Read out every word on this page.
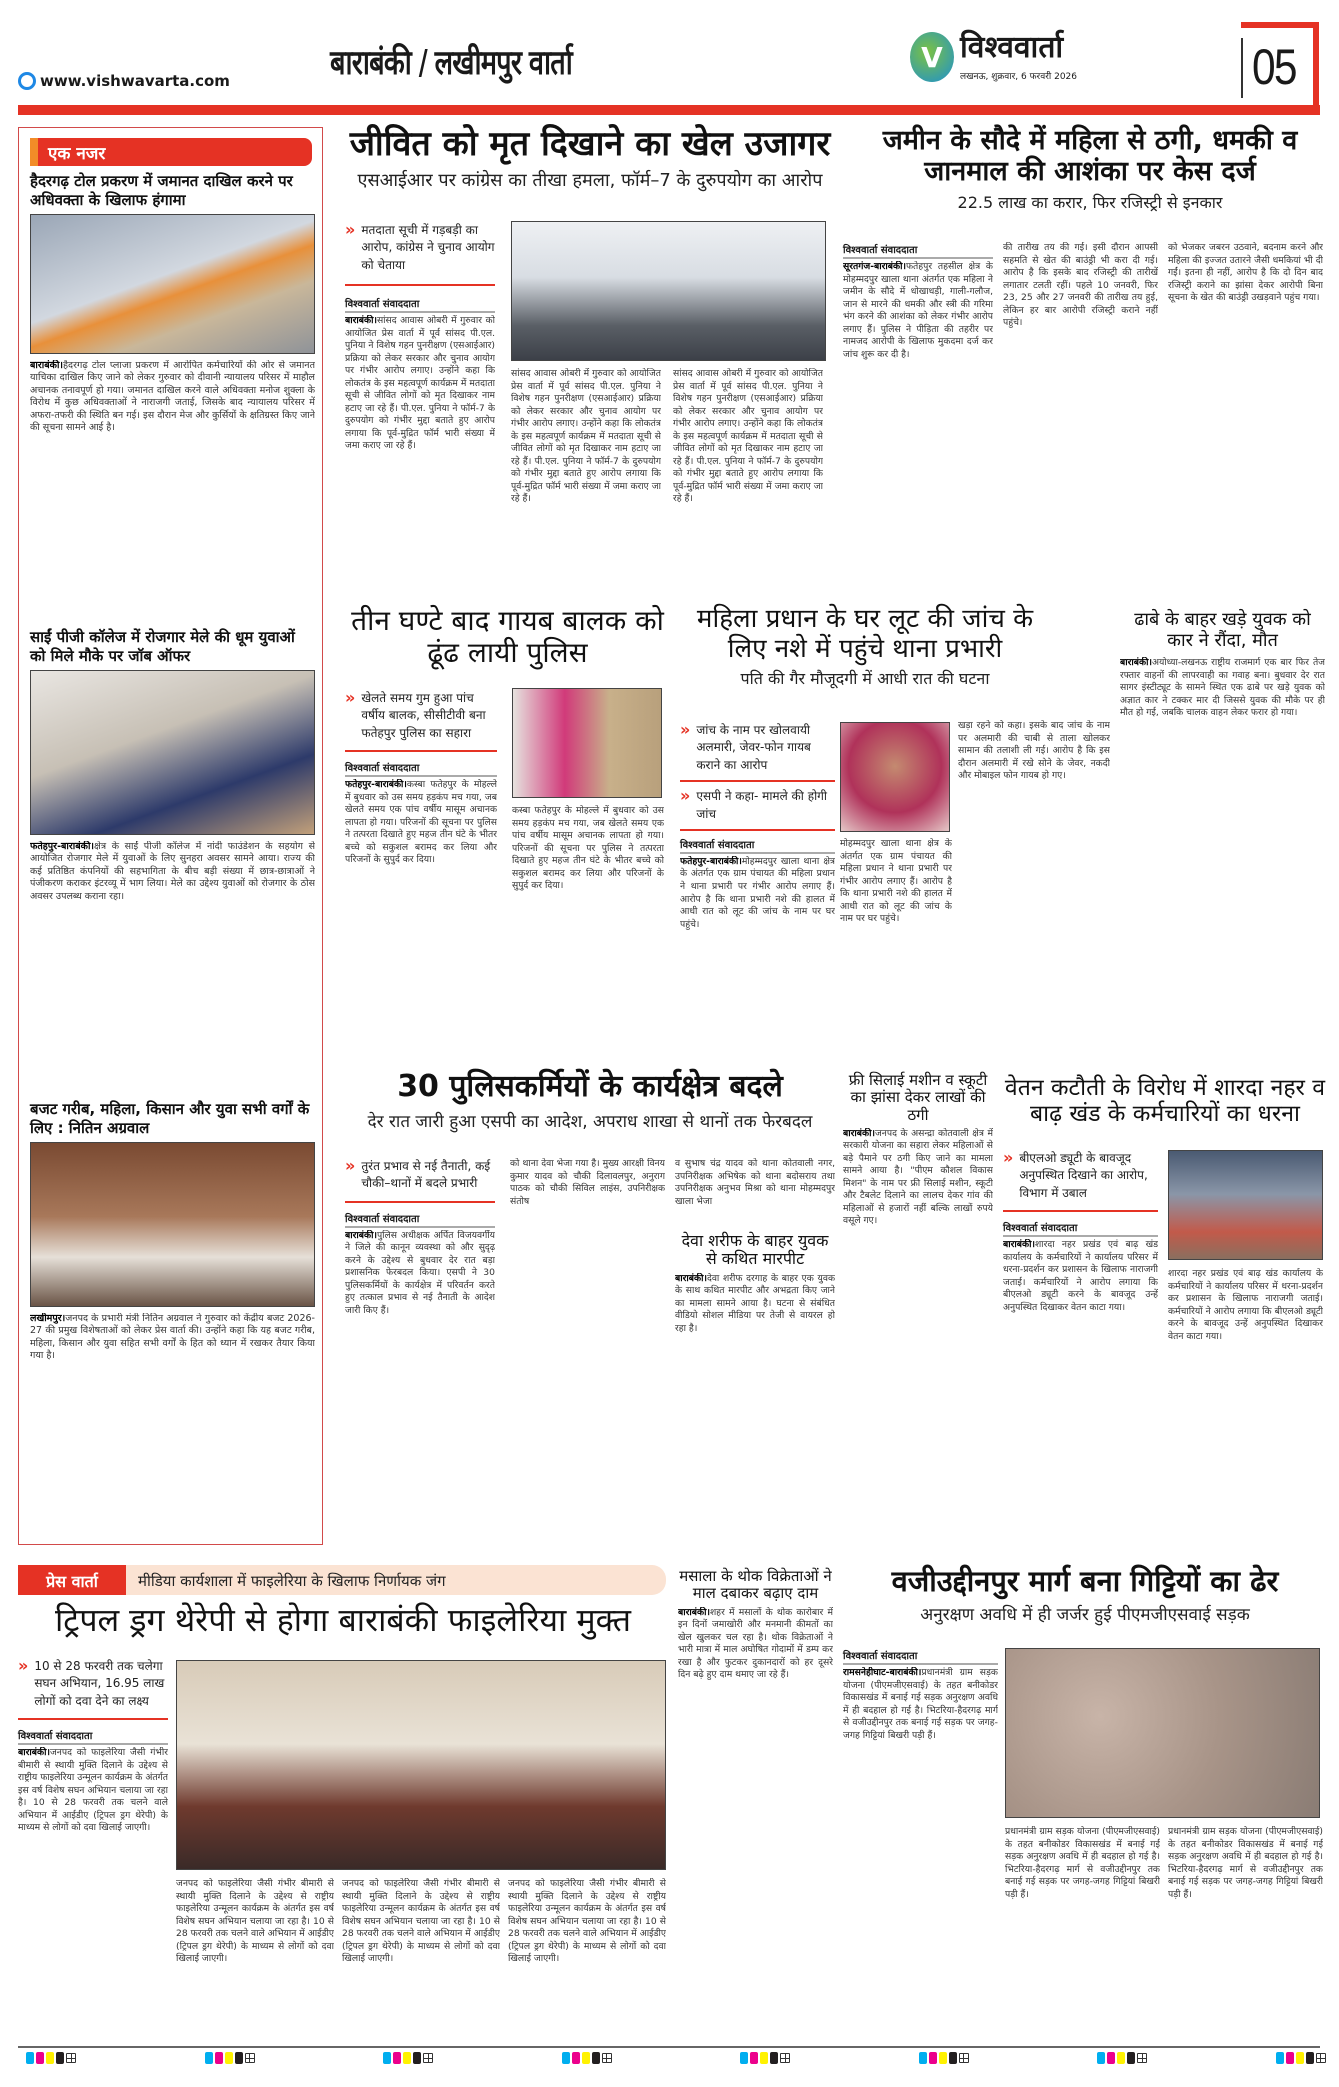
www.vishwavarta.com	बाराबंकी / लखीमपुर वार्ता	V विश्ववार्ता
लखनऊ, शुक्रवार, 6 फरवरी 2026	05
एक नजर
हैदरगढ़ टोल प्रकरण में जमानत दाखिल करने पर अधिवक्ता के खिलाफ हंगामा
बाराबंकी।हैदरगढ़ टोल प्लाजा प्रकरण में आरोपित कर्मचारियों की ओर से जमानत याचिका दाखिल किए जाने को लेकर गुरुवार को दीवानी न्यायालय परिसर में माहौल अचानक तनावपूर्ण हो गया। जमानत दाखिल करने वाले अधिवक्ता मनोज शुक्ला के विरोध में कुछ अधिवक्ताओं ने नाराजगी जताई, जिसके बाद न्यायालय परिसर में अफरा-तफरी की स्थिति बन गई। इस दौरान मेज और कुर्सियों के क्षतिग्रस्त किए जाने की सूचना सामने आई है।
साईं पीजी कॉलेज में रोजगार मेले की धूम युवाओं को मिले मौके पर जॉब ऑफर
फतेहपुर-बाराबंकी।क्षेत्र के साईं पीजी कॉलेज में नांदी फाउंडेशन के सहयोग से आयोजित रोजगार मेले में युवाओं के लिए सुनहरा अवसर सामने आया। राज्य की कई प्रतिष्ठित कंपनियों की सहभागिता के बीच बड़ी संख्या में छात्र-छात्राओं ने पंजीकरण कराकर इंटरव्यू में भाग लिया। मेले का उद्देश्य युवाओं को रोजगार के ठोस अवसर उपलब्ध कराना रहा।
बजट गरीब, महिला, किसान और युवा सभी वर्गों के लिए : नितिन अग्रवाल
लखीमपुर।जनपद के प्रभारी मंत्री नितिन अग्रवाल ने गुरुवार को केंद्रीय बजट 2026-27 की प्रमुख विशेषताओं को लेकर प्रेस वार्ता की। उन्होंने कहा कि यह बजट गरीब, महिला, किसान और युवा सहित सभी वर्गों के हित को ध्यान में रखकर तैयार किया गया है।
जीवित को मृत दिखाने का खेल उजागर
एसआईआर पर कांग्रेस का तीखा हमला, फॉर्म–7 के दुरुपयोग का आरोप
» मतदाता सूची में गड़बड़ी का आरोप, कांग्रेस ने चुनाव आयोग को चेताया
विश्ववार्ता संवाददाता
बाराबंकी।सांसद आवास ओबरी में गुरुवार को आयोजित प्रेस वार्ता में पूर्व सांसद पी.एल. पुनिया ने विशेष गहन पुनरीक्षण (एसआईआर) प्रक्रिया को लेकर सरकार और चुनाव आयोग पर गंभीर आरोप लगाए। उन्होंने कहा कि लोकतंत्र के इस महत्वपूर्ण कार्यक्रम में मतदाता सूची से जीवित लोगों को मृत दिखाकर नाम हटाए जा रहे हैं। पी.एल. पुनिया ने फॉर्म-7 के दुरुपयोग को गंभीर मुद्दा बताते हुए आरोप लगाया कि पूर्व-मुद्रित फॉर्म भारी संख्या में जमा कराए जा रहे हैं।
सांसद आवास ओबरी में गुरुवार को आयोजित प्रेस वार्ता में पूर्व सांसद पी.एल. पुनिया ने विशेष गहन पुनरीक्षण (एसआईआर) प्रक्रिया को लेकर सरकार और चुनाव आयोग पर गंभीर आरोप लगाए। उन्होंने कहा कि लोकतंत्र के इस महत्वपूर्ण कार्यक्रम में मतदाता सूची से जीवित लोगों को मृत दिखाकर नाम हटाए जा रहे हैं। पी.एल. पुनिया ने फॉर्म-7 के दुरुपयोग को गंभीर मुद्दा बताते हुए आरोप लगाया कि पूर्व-मुद्रित फॉर्म भारी संख्या में जमा कराए जा रहे हैं।
सांसद आवास ओबरी में गुरुवार को आयोजित प्रेस वार्ता में पूर्व सांसद पी.एल. पुनिया ने विशेष गहन पुनरीक्षण (एसआईआर) प्रक्रिया को लेकर सरकार और चुनाव आयोग पर गंभीर आरोप लगाए। उन्होंने कहा कि लोकतंत्र के इस महत्वपूर्ण कार्यक्रम में मतदाता सूची से जीवित लोगों को मृत दिखाकर नाम हटाए जा रहे हैं। पी.एल. पुनिया ने फॉर्म-7 के दुरुपयोग को गंभीर मुद्दा बताते हुए आरोप लगाया कि पूर्व-मुद्रित फॉर्म भारी संख्या में जमा कराए जा रहे हैं।
जमीन के सौदे में महिला से ठगी, धमकी व जानमाल की आशंका पर केस दर्ज
22.5 लाख का करार, फिर रजिस्ट्री से इनकार
विश्ववार्ता संवाददाता
सूरतगंज-बाराबंकी।फतेहपुर तहसील क्षेत्र के मोहम्मदपुर खाला थाना अंतर्गत एक महिला ने जमीन के सौदे में धोखाधड़ी, गाली-गलौज, जान से मारने की धमकी और स्त्री की गरिमा भंग करने की आशंका को लेकर गंभीर आरोप लगाए हैं। पुलिस ने पीड़िता की तहरीर पर नामजद आरोपी के खिलाफ मुकदमा दर्ज कर जांच शुरू कर दी है।
की तारीख तय की गई। इसी दौरान आपसी सहमति से खेत की बाउंड्री भी करा दी गई। आरोप है कि इसके बाद रजिस्ट्री की तारीखें लगातार टलती रहीं। पहले 10 जनवरी, फिर 23, 25 और 27 जनवरी की तारीख तय हुई, लेकिन हर बार आरोपी रजिस्ट्री कराने नहीं पहुंचे।
को भेजकर जबरन उठवाने, बदनाम करने और महिला की इज्जत उतारने जैसी धमकियां भी दी गईं। इतना ही नहीं, आरोप है कि दो दिन बाद रजिस्ट्री कराने का झांसा देकर आरोपी बिना सूचना के खेत की बाउंड्री उखड़वाने पहुंच गया।
तीन घण्टे बाद गायब बालक को ढूंढ लायी पुलिस
» खेलते समय गुम हुआ पांच वर्षीय बालक, सीसीटीवी बना फतेहपुर पुलिस का सहारा
विश्ववार्ता संवाददाता
फतेहपुर-बाराबंकी।कस्बा फतेहपुर के मोहल्ले में बुधवार को उस समय हड़कंप मच गया, जब खेलते समय एक पांच वर्षीय मासूम अचानक लापता हो गया। परिजनों की सूचना पर पुलिस ने तत्परता दिखाते हुए महज तीन घंटे के भीतर बच्चे को सकुशल बरामद कर लिया और परिजनों के सुपुर्द कर दिया।
कस्बा फतेहपुर के मोहल्ले में बुधवार को उस समय हड़कंप मच गया, जब खेलते समय एक पांच वर्षीय मासूम अचानक लापता हो गया। परिजनों की सूचना पर पुलिस ने तत्परता दिखाते हुए महज तीन घंटे के भीतर बच्चे को सकुशल बरामद कर लिया और परिजनों के सुपुर्द कर दिया।
महिला प्रधान के घर लूट की जांच के लिए नशे में पहुंचे थाना प्रभारी
पति की गैर मौजूदगी में आधी रात की घटना
» जांच के नाम पर खोलवायी अलमारी, जेवर-फोन गायब कराने का आरोप
» एसपी ने कहा- मामले की होगी जांच
विश्ववार्ता संवाददाता
फतेहपुर-बाराबंकी।मोहम्मदपुर खाला थाना क्षेत्र के अंतर्गत एक ग्राम पंचायत की महिला प्रधान ने थाना प्रभारी पर गंभीर आरोप लगाए हैं। आरोप है कि थाना प्रभारी नशे की हालत में आधी रात को लूट की जांच के नाम पर घर पहुंचे।
मोहम्मदपुर खाला थाना क्षेत्र के अंतर्गत एक ग्राम पंचायत की महिला प्रधान ने थाना प्रभारी पर गंभीर आरोप लगाए हैं। आरोप है कि थाना प्रभारी नशे की हालत में आधी रात को लूट की जांच के नाम पर घर पहुंचे।
खड़ा रहने को कहा। इसके बाद जांच के नाम पर अलमारी की चाबी से ताला खोलकर सामान की तलाशी ली गई। आरोप है कि इस दौरान अलमारी में रखे सोने के जेवर, नकदी और मोबाइल फोन गायब हो गए।
ढाबे के बाहर खड़े युवक को कार ने रौंदा, मौत
बाराबंकी।अयोध्या-लखनऊ राष्ट्रीय राजमार्ग एक बार फिर तेज रफ्तार वाहनों की लापरवाही का गवाह बना। बुधवार देर रात सागर इंस्टीट्यूट के सामने स्थित एक ढाबे पर खड़े युवक को अज्ञात कार ने टक्कर मार दी जिससे युवक की मौके पर ही मौत हो गई, जबकि चालक वाहन लेकर फरार हो गया।
30 पुलिसकर्मियों के कार्यक्षेत्र बदले
देर रात जारी हुआ एसपी का आदेश, अपराध शाखा से थानों तक फेरबदल
» तुरंत प्रभाव से नई तैनाती, कई चौकी–थानों में बदले प्रभारी
विश्ववार्ता संवाददाता
बाराबंकी।पुलिस अधीक्षक अर्पित विजयवर्गीय ने जिले की कानून व्यवस्था को और सुदृढ़ करने के उद्देश्य से बुधवार देर रात बड़ा प्रशासनिक फेरबदल किया। एसपी ने 30 पुलिसकर्मियों के कार्यक्षेत्र में परिवर्तन करते हुए तत्काल प्रभाव से नई तैनाती के आदेश जारी किए हैं।
को थाना देवा भेजा गया है। मुख्य आरक्षी विनय कुमार यादव को चौकी दिलावलपुर, अनुराग पाठक को चौकी सिविल लाइंस, उपनिरीक्षक संतोष
व सुभाष चंद्र यादव को थाना कोतवाली नगर, उपनिरीक्षक अभिषेक को थाना बदोसराय तथा उपनिरीक्षक अनुभव मिश्रा को थाना मोहम्मदपुर खाला भेजा
देवा शरीफ के बाहर युवक से कथित मारपीट
बाराबंकी।देवा शरीफ दरगाह के बाहर एक युवक के साथ कथित मारपीट और अभद्रता किए जाने का मामला सामने आया है। घटना से संबंधित वीडियो सोशल मीडिया पर तेजी से वायरल हो रहा है।
फ्री सिलाई मशीन व स्कूटी का झांसा देकर लाखों की ठगी
बाराबंकी।जनपद के असन्द्रा कोतवाली क्षेत्र में सरकारी योजना का सहारा लेकर महिलाओं से बड़े पैमाने पर ठगी किए जाने का मामला सामने आया है। "पीएम कौशल विकास मिशन" के नाम पर फ्री सिलाई मशीन, स्कूटी और टैबलेट दिलाने का लालच देकर गांव की महिलाओं से हजारों नहीं बल्कि लाखों रुपये वसूले गए।
वेतन कटौती के विरोध में शारदा नहर व बाढ़ खंड के कर्मचारियों का धरना
» बीएलओ ड्यूटी के बावजूद अनुपस्थित दिखाने का आरोप, विभाग में उबाल
विश्ववार्ता संवाददाता
बाराबंकी।शारदा नहर प्रखंड एवं बाढ़ खंड कार्यालय के कर्मचारियों ने कार्यालय परिसर में धरना-प्रदर्शन कर प्रशासन के खिलाफ नाराजगी जताई। कर्मचारियों ने आरोप लगाया कि बीएलओ ड्यूटी करने के बावजूद उन्हें अनुपस्थित दिखाकर वेतन काटा गया।
शारदा नहर प्रखंड एवं बाढ़ खंड कार्यालय के कर्मचारियों ने कार्यालय परिसर में धरना-प्रदर्शन कर प्रशासन के खिलाफ नाराजगी जताई। कर्मचारियों ने आरोप लगाया कि बीएलओ ड्यूटी करने के बावजूद उन्हें अनुपस्थित दिखाकर वेतन काटा गया।
प्रेस वार्ता	मीडिया कार्यशाला में फाइलेरिया के खिलाफ निर्णायक जंग
ट्रिपल ड्रग थेरेपी से होगा बाराबंकी फाइलेरिया मुक्त
» 10 से 28 फरवरी तक चलेगा सघन अभियान, 16.95 लाख लोगों को दवा देने का लक्ष्य
विश्ववार्ता संवाददाता
बाराबंकी।जनपद को फाइलेरिया जैसी गंभीर बीमारी से स्थायी मुक्ति दिलाने के उद्देश्य से राष्ट्रीय फाइलेरिया उन्मूलन कार्यक्रम के अंतर्गत इस वर्ष विशेष सघन अभियान चलाया जा रहा है। 10 से 28 फरवरी तक चलने वाले अभियान में आईडीए (ट्रिपल ड्रग थेरेपी) के माध्यम से लोगों को दवा खिलाई जाएगी।
जनपद को फाइलेरिया जैसी गंभीर बीमारी से स्थायी मुक्ति दिलाने के उद्देश्य से राष्ट्रीय फाइलेरिया उन्मूलन कार्यक्रम के अंतर्गत इस वर्ष विशेष सघन अभियान चलाया जा रहा है। 10 से 28 फरवरी तक चलने वाले अभियान में आईडीए (ट्रिपल ड्रग थेरेपी) के माध्यम से लोगों को दवा खिलाई जाएगी।
जनपद को फाइलेरिया जैसी गंभीर बीमारी से स्थायी मुक्ति दिलाने के उद्देश्य से राष्ट्रीय फाइलेरिया उन्मूलन कार्यक्रम के अंतर्गत इस वर्ष विशेष सघन अभियान चलाया जा रहा है। 10 से 28 फरवरी तक चलने वाले अभियान में आईडीए (ट्रिपल ड्रग थेरेपी) के माध्यम से लोगों को दवा खिलाई जाएगी।
जनपद को फाइलेरिया जैसी गंभीर बीमारी से स्थायी मुक्ति दिलाने के उद्देश्य से राष्ट्रीय फाइलेरिया उन्मूलन कार्यक्रम के अंतर्गत इस वर्ष विशेष सघन अभियान चलाया जा रहा है। 10 से 28 फरवरी तक चलने वाले अभियान में आईडीए (ट्रिपल ड्रग थेरेपी) के माध्यम से लोगों को दवा खिलाई जाएगी।
मसाला के थोक विक्रेताओं ने माल दबाकर बढ़ाए दाम
बाराबंकी।शहर में मसालों के थोक कारोबार में इन दिनों जमाखोरी और मनमानी कीमतों का खेल खुलकर चल रहा है। थोक विक्रेताओं ने भारी मात्रा में माल अघोषित गोदामों में डम्प कर रखा है और फुटकर दुकानदारों को हर दूसरे दिन बढ़े हुए दाम थमाए जा रहे हैं।
वजीउद्दीनपुर मार्ग बना गिट्टियों का ढेर
अनुरक्षण अवधि में ही जर्जर हुई पीएमजीएसवाई सड़क
विश्ववार्ता संवाददाता
रामसनेहीघाट-बाराबंकी।प्रधानमंत्री ग्राम सड़क योजना (पीएमजीएसवाई) के तहत बनीकोडर विकासखंड में बनाई गई सड़क अनुरक्षण अवधि में ही बदहाल हो गई है। भिटरिया-हैदरगढ़ मार्ग से वजीउद्दीनपुर तक बनाई गई सड़क पर जगह-जगह गिट्टियां बिखरी पड़ी हैं।
प्रधानमंत्री ग्राम सड़क योजना (पीएमजीएसवाई) के तहत बनीकोडर विकासखंड में बनाई गई सड़क अनुरक्षण अवधि में ही बदहाल हो गई है। भिटरिया-हैदरगढ़ मार्ग से वजीउद्दीनपुर तक बनाई गई सड़क पर जगह-जगह गिट्टियां बिखरी पड़ी हैं।
प्रधानमंत्री ग्राम सड़क योजना (पीएमजीएसवाई) के तहत बनीकोडर विकासखंड में बनाई गई सड़क अनुरक्षण अवधि में ही बदहाल हो गई है। भिटरिया-हैदरगढ़ मार्ग से वजीउद्दीनपुर तक बनाई गई सड़क पर जगह-जगह गिट्टियां बिखरी पड़ी हैं।
